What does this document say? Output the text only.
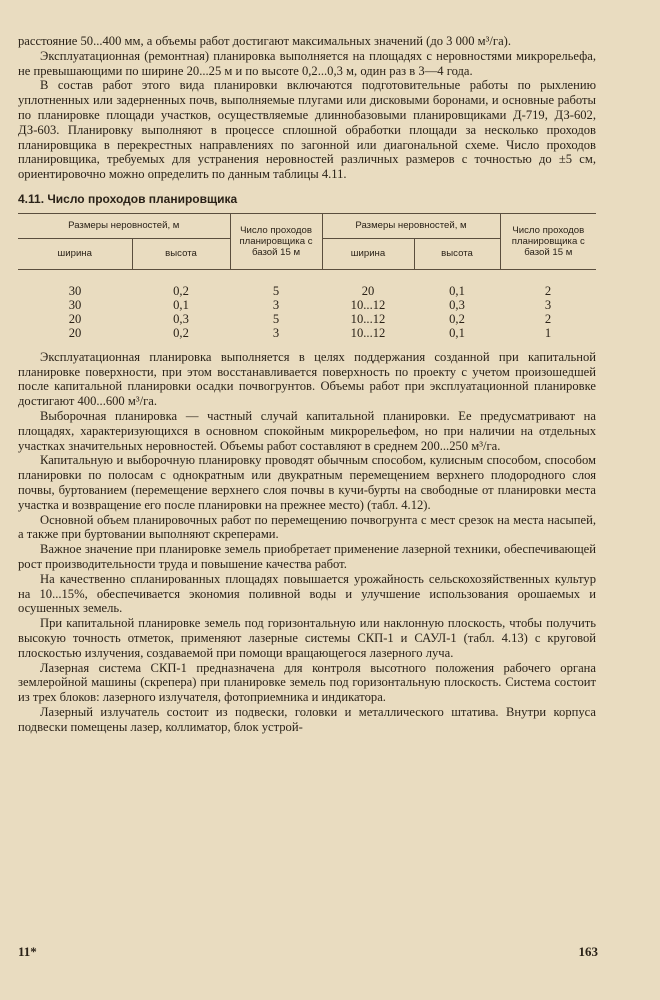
расстояние 50...400 мм, а объемы работ достигают максимальных значений (до 3 000 м³/га).

Эксплуатационная (ремонтная) планировка выполняется на площадях с неровностями микрорельефа, не превышающими по ширине 20...25 м и по высоте 0,2...0,3 м, один раз в 3—4 года.

В состав работ этого вида планировки включаются подготовительные работы по рыхлению уплотненных или задерненных почв, выполняемые плугами или дисковыми боронами, и основные работы по планировке площади участков, осуществляемые длиннобазовыми планировщиками Д-719, ДЗ-602, ДЗ-603. Планировку выполняют в процессе сплошной обработки площади за несколько проходов планировщика в перекрестных направлениях по загонной или диагональной схеме. Число проходов планировщика, требуемых для устранения неровностей различных размеров с точностью до ±5 см, ориентировочно можно определить по данным таблицы 4.11.

4.11. Число проходов планировщика
Размеры неровностей, м		Число проходов планировщика с базой 15 м	Размеры неровностей, м		Число проходов планировщика с базой 15 м
ширина	высота		ширина	высота	

30	0,2	5	20	0,1	2
30	0,1	3	10...12	0,3	3
20	0,3	5	10...12	0,2	2
20	0,2	3	10...12	0,1	1

Эксплуатационная планировка выполняется в целях поддержания созданной при капитальной планировке поверхности, при этом восстанавливается поверхность по проекту с учетом произошедшей после капитальной планировки осадки почвогрунтов. Объемы работ при эксплуатационной планировке достигают 400...600 м³/га.

Выборочная планировка — частный случай капитальной планировки. Ее предусматривают на площадях, характеризующихся в основном спокойным микрорельефом, но при наличии на отдельных участках значительных неровностей. Объемы работ составляют в среднем 200...250 м³/га.

Капитальную и выборочную планировку проводят обычным способом, кулисным способом, способом планировки по полосам с однократным или двукратным перемещением верхнего плодородного слоя почвы, буртованием (перемещение верхнего слоя почвы в кучи-бурты на свободные от планировки места участка и возвращение его после планировки на прежнее место) (табл. 4.12).

Основной объем планировочных работ по перемещению почвогрунта с мест срезок на места насыпей, а также при буртовании выполняют скреперами.

Важное значение при планировке земель приобретает применение лазерной техники, обеспечивающей рост производительности труда и повышение качества работ.

На качественно спланированных площадях повышается урожайность сельскохозяйственных культур на 10...15%, обеспечивается экономия поливной воды и улучшение использования орошаемых и осушенных земель.

При капитальной планировке земель под горизонтальную или наклонную плоскость, чтобы получить высокую точность отметок, применяют лазерные системы СКП-1 и САУЛ-1 (табл. 4.13) с круговой плоскостью излучения, создаваемой при помощи вращающегося лазерного луча.

Лазерная система СКП-1 предназначена для контроля высотного положения рабочего органа землеройной машины (скрепера) при планировке земель под горизонтальную плоскость. Система состоит из трех блоков: лазерного излучателя, фотоприемника и индикатора.

Лазерный излучатель состоит из подвески, головки и металлического штатива. Внутри корпуса подвески помещены лазер, коллиматор, блок устрой-

11*	163
